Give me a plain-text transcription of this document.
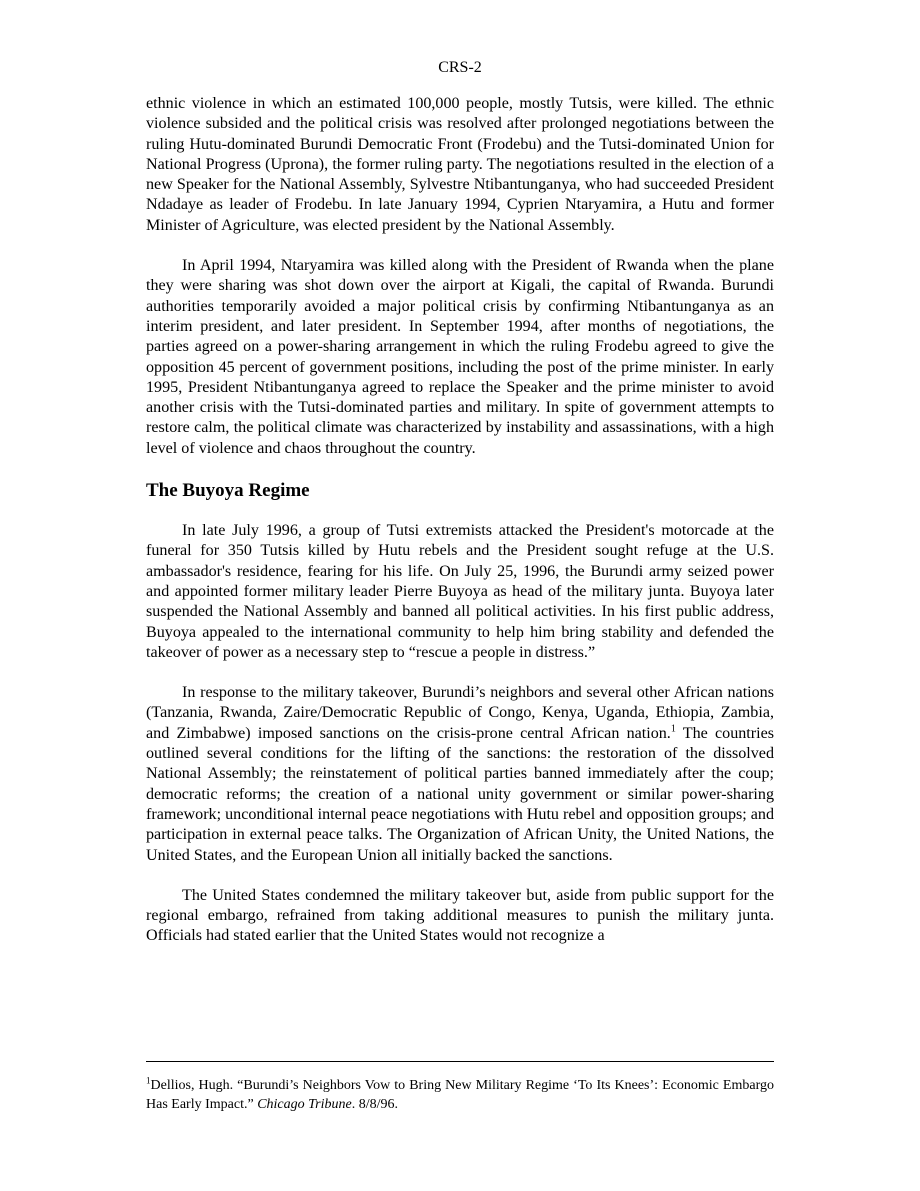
CRS-2

ethnic violence in which an estimated 100,000 people, mostly Tutsis, were killed. The ethnic violence subsided and the political crisis was resolved after prolonged negotiations between the ruling Hutu-dominated Burundi Democratic Front (Frodebu) and the Tutsi-dominated Union for National Progress (Uprona), the former ruling party. The negotiations resulted in the election of a new Speaker for the National Assembly, Sylvestre Ntibantunganya, who had succeeded President Ndadaye as leader of Frodebu. In late January 1994, Cyprien Ntaryamira, a Hutu and former Minister of Agriculture, was elected president by the National Assembly.

In April 1994, Ntaryamira was killed along with the President of Rwanda when the plane they were sharing was shot down over the airport at Kigali, the capital of Rwanda. Burundi authorities temporarily avoided a major political crisis by confirming Ntibantunganya as an interim president, and later president. In September 1994, after months of negotiations, the parties agreed on a power-sharing arrangement in which the ruling Frodebu agreed to give the opposition 45 percent of government positions, including the post of the prime minister. In early 1995, President Ntibantunganya agreed to replace the Speaker and the prime minister to avoid another crisis with the Tutsi-dominated parties and military. In spite of government attempts to restore calm, the political climate was characterized by instability and assassinations, with a high level of violence and chaos throughout the country.

The Buyoya Regime

In late July 1996, a group of Tutsi extremists attacked the President's motorcade at the funeral for 350 Tutsis killed by Hutu rebels and the President sought refuge at the U.S. ambassador's residence, fearing for his life. On July 25, 1996, the Burundi army seized power and appointed former military leader Pierre Buyoya as head of the military junta. Buyoya later suspended the National Assembly and banned all political activities. In his first public address, Buyoya appealed to the international community to help him bring stability and defended the takeover of power as a necessary step to “rescue a people in distress.”

In response to the military takeover, Burundi’s neighbors and several other African nations (Tanzania, Rwanda, Zaire/Democratic Republic of Congo, Kenya, Uganda, Ethiopia, Zambia, and Zimbabwe) imposed sanctions on the crisis-prone central African nation.$^1$ The countries outlined several conditions for the lifting of the sanctions: the restoration of the dissolved National Assembly; the reinstatement of political parties banned immediately after the coup; democratic reforms; the creation of a national unity government or similar power-sharing framework; unconditional internal peace negotiations with Hutu rebel and opposition groups; and participation in external peace talks. The Organization of African Unity, the United Nations, the United States, and the European Union all initially backed the sanctions.

The United States condemned the military takeover but, aside from public support for the regional embargo, refrained from taking additional measures to punish the military junta. Officials had stated earlier that the United States would not recognize a

$^1$Dellios, Hugh. “Burundi’s Neighbors Vow to Bring New Military Regime ‘To Its Knees’: Economic Embargo Has Early Impact.” Chicago Tribune. 8/8/96.
